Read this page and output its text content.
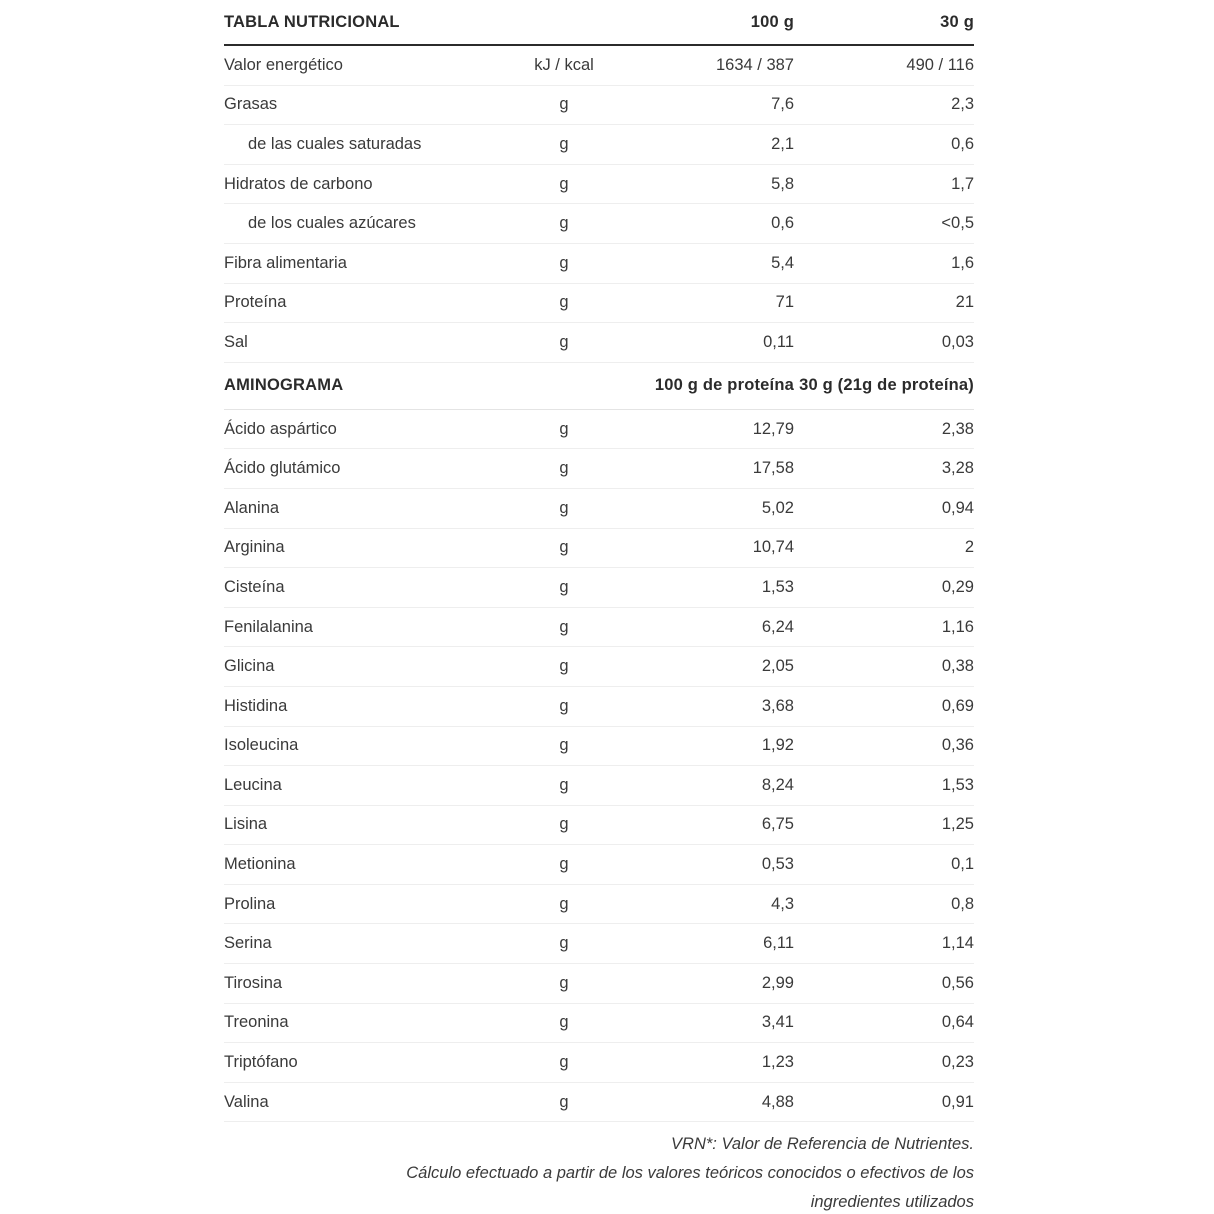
TABLA NUTRICIONAL		100 g	30 g
Valor energético	kJ / kcal	1634 / 387	490 / 116
Grasas	g	7,6	2,3
de las cuales saturadas	g	2,1	0,6
Hidratos de carbono	g	5,8	1,7
de los cuales azúcares	g	0,6	<0,5
Fibra alimentaria	g	5,4	1,6
Proteína	g	71	21
Sal	g	0,11	0,03
AMINOGRAMA		100 g de proteína	30 g (21g de proteína)
Ácido aspártico	g	12,79	2,38
Ácido glutámico	g	17,58	3,28
Alanina	g	5,02	0,94
Arginina	g	10,74	2
Cisteína	g	1,53	0,29
Fenilalanina	g	6,24	1,16
Glicina	g	2,05	0,38
Histidina	g	3,68	0,69
Isoleucina	g	1,92	0,36
Leucina	g	8,24	1,53
Lisina	g	6,75	1,25
Metionina	g	0,53	0,1
Prolina	g	4,3	0,8
Serina	g	6,11	1,14
Tirosina	g	2,99	0,56
Treonina	g	3,41	0,64
Triptófano	g	1,23	0,23
Valina	g	4,88	0,91
VRN*: Valor de Referencia de Nutrientes.
Cálculo efectuado a partir de los valores teóricos conocidos o efectivos de los
ingredientes utilizados
